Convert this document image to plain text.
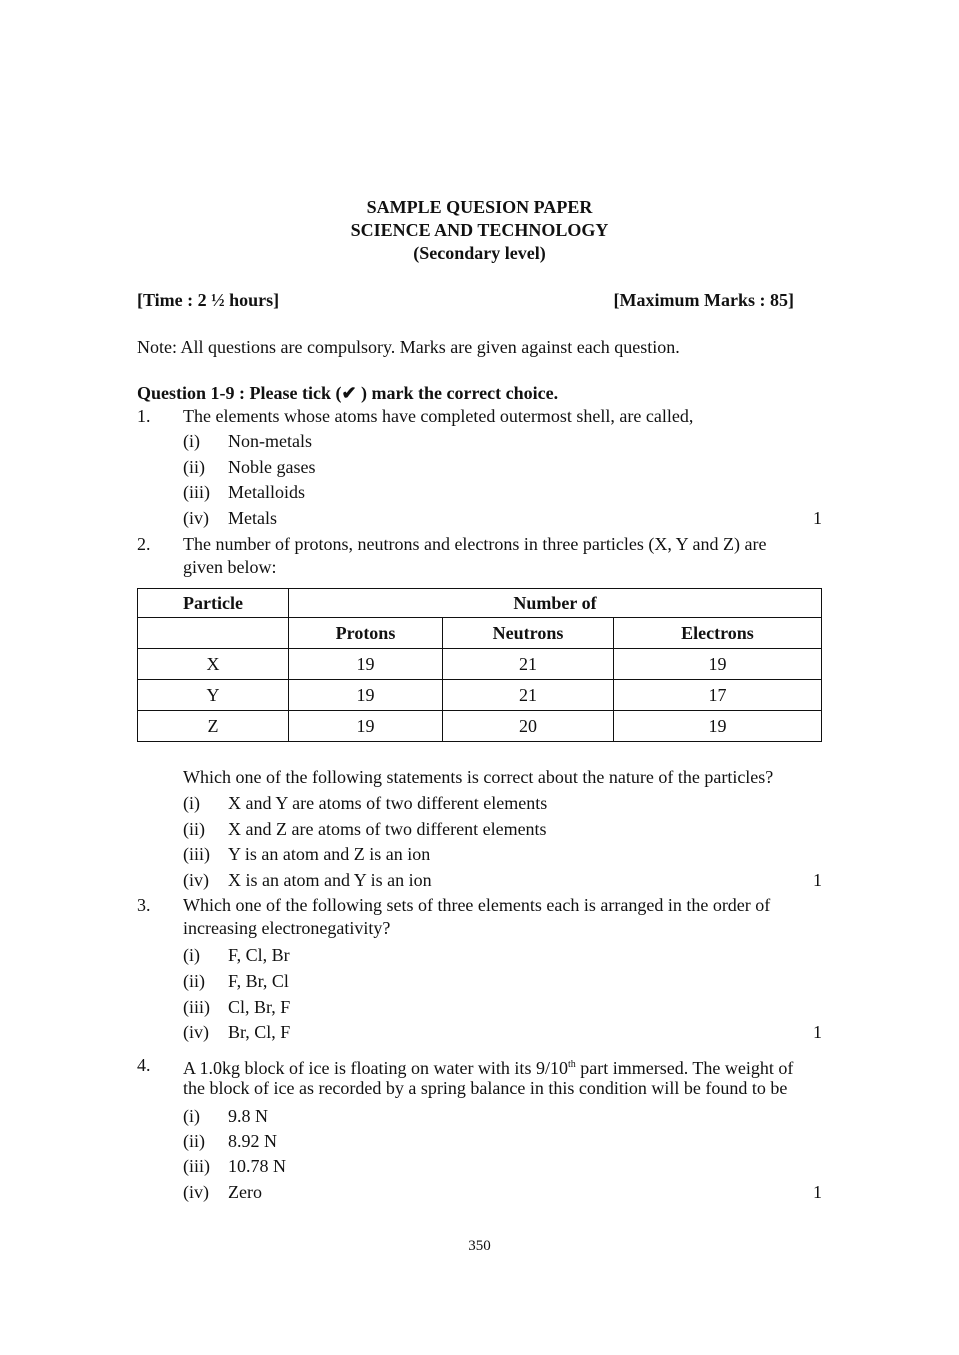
SAMPLE QUESION PAPER
SCIENCE AND TECHNOLOGY
(Secondary level)
[Time : 2 ½ hours]	[Maximum Marks : 85]
Note: All questions are compulsory. Marks are given against each question.
Question 1-9 : Please tick (✔ ) mark the correct choice.
1. The elements whose atoms have completed outermost shell, are called,
(i) Non-metals
(ii) Noble gases
(iii) Metalloids
(iv) Metals	1
2. The number of protons, neutrons and electrons in three particles (X, Y and Z) are
given below:
Particle	Number of		
	Protons	Neutrons	Electrons
X	19	21	19
Y	19	21	17
Z	19	20	19
Which one of the following statements is correct about the nature of the particles?
(i) X and Y are atoms of two different elements
(ii) X and Z are atoms of two different elements
(iii) Y is an atom and Z is an ion
(iv) X is an atom and Y is an ion	1
3. Which one of the following sets of three elements each is arranged in the order of
increasing electronegativity?
(i) F, Cl, Br
(ii) F, Br, Cl
(iii) Cl, Br, F
(iv) Br, Cl, F	1
4. A 1.0kg block of ice is floating on water with its 9/10th part immersed. The weight of
the block of ice as recorded by a spring balance in this condition will be found to be
(i) 9.8 N
(ii) 8.92 N
(iii) 10.78 N
(iv) Zero	1
350
